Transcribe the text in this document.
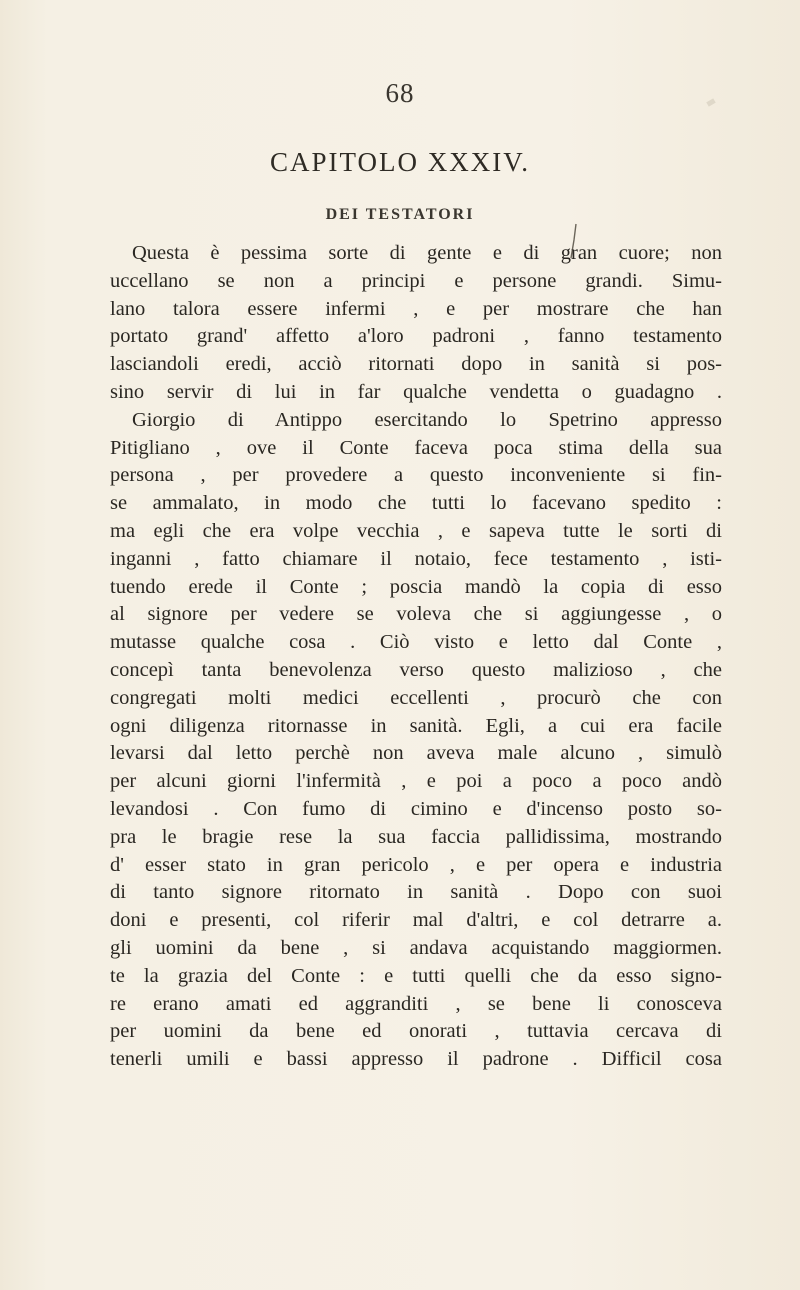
68
CAPITOLO XXXIV.
DEI TESTATORI
Questa è pessima sorte di gente e di gran cuore; non
uccellano se non a principi e persone grandi. Simu-
lano talora essere infermi , e per mostrare che han
portato grand' affetto a'loro padroni , fanno testamento
lasciandoli eredi, acciò ritornati dopo in sanità si pos-
sino servir di lui in far qualche vendetta o guadagno .
Giorgio di Antippo esercitando lo Spetrino appresso
Pitigliano , ove il Conte faceva poca stima della sua
persona , per provedere a questo inconveniente si fin-
se ammalato, in modo che tutti lo facevano spedito :
ma egli che era volpe vecchia , e sapeva tutte le sorti di
inganni , fatto chiamare il notaio, fece testamento , isti-
tuendo erede il Conte ; poscia mandò la copia di esso
al signore per vedere se voleva che si aggiungesse , o
mutasse qualche cosa . Ciò visto e letto dal Conte ,
concepì tanta benevolenza verso questo malizioso , che
congregati molti medici eccellenti , procurò che con
ogni diligenza ritornasse in sanità. Egli, a cui era facile
levarsi dal letto perchè non aveva male alcuno , simulò
per alcuni giorni l'infermità , e poi a poco a poco andò
levandosi . Con fumo di cimino e d'incenso posto so-
pra le bragie rese la sua faccia pallidissima, mostrando
d' esser stato in gran pericolo , e per opera e industria
di tanto signore ritornato in sanità . Dopo con suoi
doni e presenti, col riferir mal d'altri, e col detrarre a.
gli uomini da bene , si andava acquistando maggiormen.
te la grazia del Conte : e tutti quelli che da esso signo-
re erano amati ed aggranditi , se bene li conosceva
per uomini da bene ed onorati , tuttavia cercava di
tenerli umili e bassi appresso il padrone . Difficil cosa
